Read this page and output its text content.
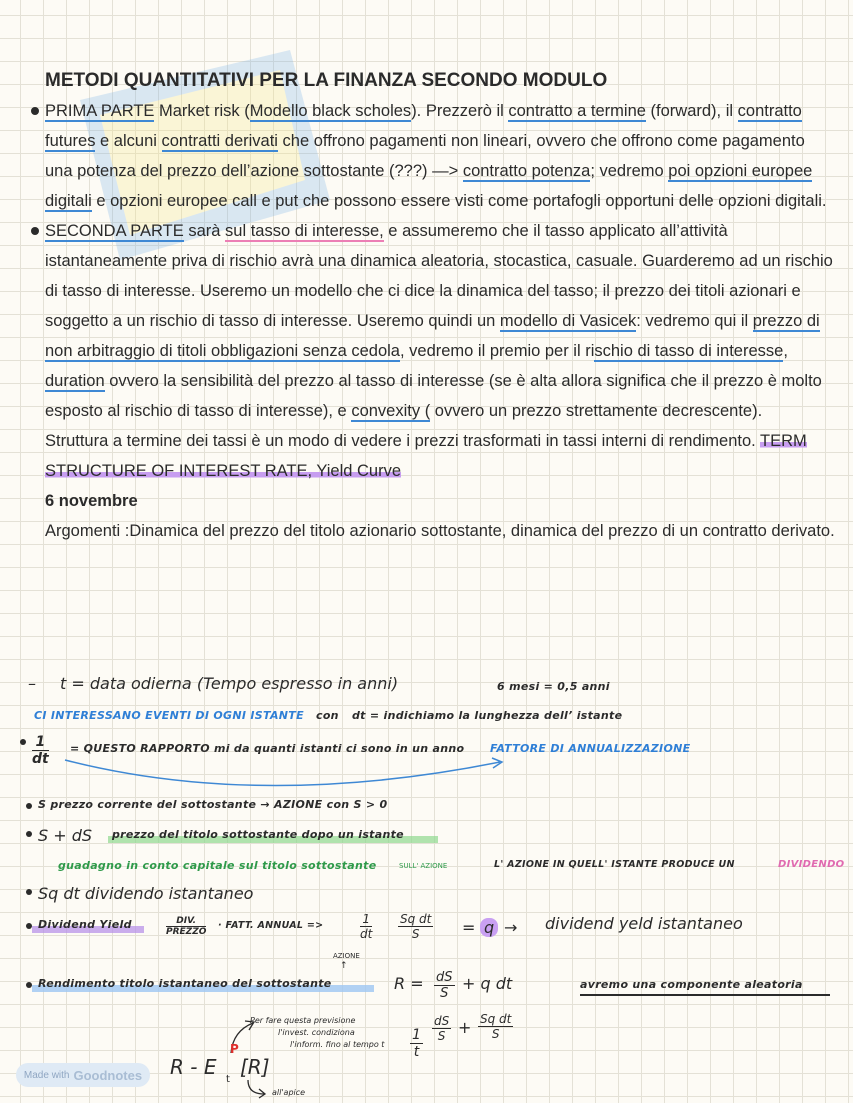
METODI QUANTITATIVI PER LA FINANZA SECONDO MODULO

PRIMA PARTE Market risk (Modello black scholes). Prezzerò il contratto a termine (forward), il contratto futures e alcuni contratti derivati che offrono pagamenti non lineari, ovvero che offrono come pagamento una potenza del prezzo dell’azione sottostante (???) —> contratto potenza; vedremo poi opzioni europee digitali e opzioni europee call e put che possono essere visti come portafogli opportuni delle opzioni digitali.

SECONDA PARTE sarà sul tasso di interesse, e assumeremo che il tasso applicato all’attività istantaneamente priva di rischio avrà una dinamica aleatoria, stocastica, casuale. Guarderemo ad un rischio di tasso di interesse. Useremo un modello che ci dice la dinamica del tasso; il prezzo dei titoli azionari e soggetto a un rischio di tasso di interesse. Useremo quindi un modello di Vasicek: vedremo qui il prezzo di non arbitraggio di titoli obbligazioni senza cedola, vedremo il premio per il rischio di tasso di interesse, duration ovvero la sensibilità del prezzo al tasso di interesse (se è alta allora significa che il prezzo è molto esposto al rischio di tasso di interesse), e convexity ( ovvero un prezzo strettamente decrescente).

Struttura a termine dei tassi è un modo di vedere i prezzi trasformati in tassi interni di rendimento. TERM STRUCTURE OF INTEREST RATE, Yield Curve

6 novembre

Argomenti :Dinamica del prezzo del titolo azionario sottostante, dinamica del prezzo di un contratto derivato.

– t = data odierna (Tempo espresso in anni)	6 mesi = 0,5 anni
CI INTERESSANO EVENTI DI OGNI ISTANTE con dt = indichiamo la lunghezza dell’ istante
$\frac{1}{dt}$ = QUESTO RAPPORTO mi da quanti istanti ci sono in un anno FATTORE DI ANNUALIZZAZIONE
S prezzo corrente del sottostante → AZIONE con S > 0
S + dS prezzo del titolo sottostante dopo un istante
guadagno in conto capitale sul titolo sottostante	SULL' AZIONE	L' AZIONE IN QUELL' ISTANTE PRODUCE UN	DIVIDENDO
Sq dt dividendo istantaneo
Dividend Yield	DIV.
PREZZO
· FATT. ANNUAL =>	$\frac{1}{dt} \frac{\text{Sq dt}}{S} = q$ → dividend yeld istantaneo
AZIONE
↑
Rendimento titolo istantaneo del sottostante	$R = \frac{dS}{S} + q$ dt	avremo una componente aleatoria
Per fare questa previsione
l'invest. condiziona
l'inform. fino al tempo t $\frac{1}{t} \frac{dS}{S} + \frac{\text{Sq dt}}{S}$
R - E
P
t
[R]
all'apice
Made with Goodnotes
